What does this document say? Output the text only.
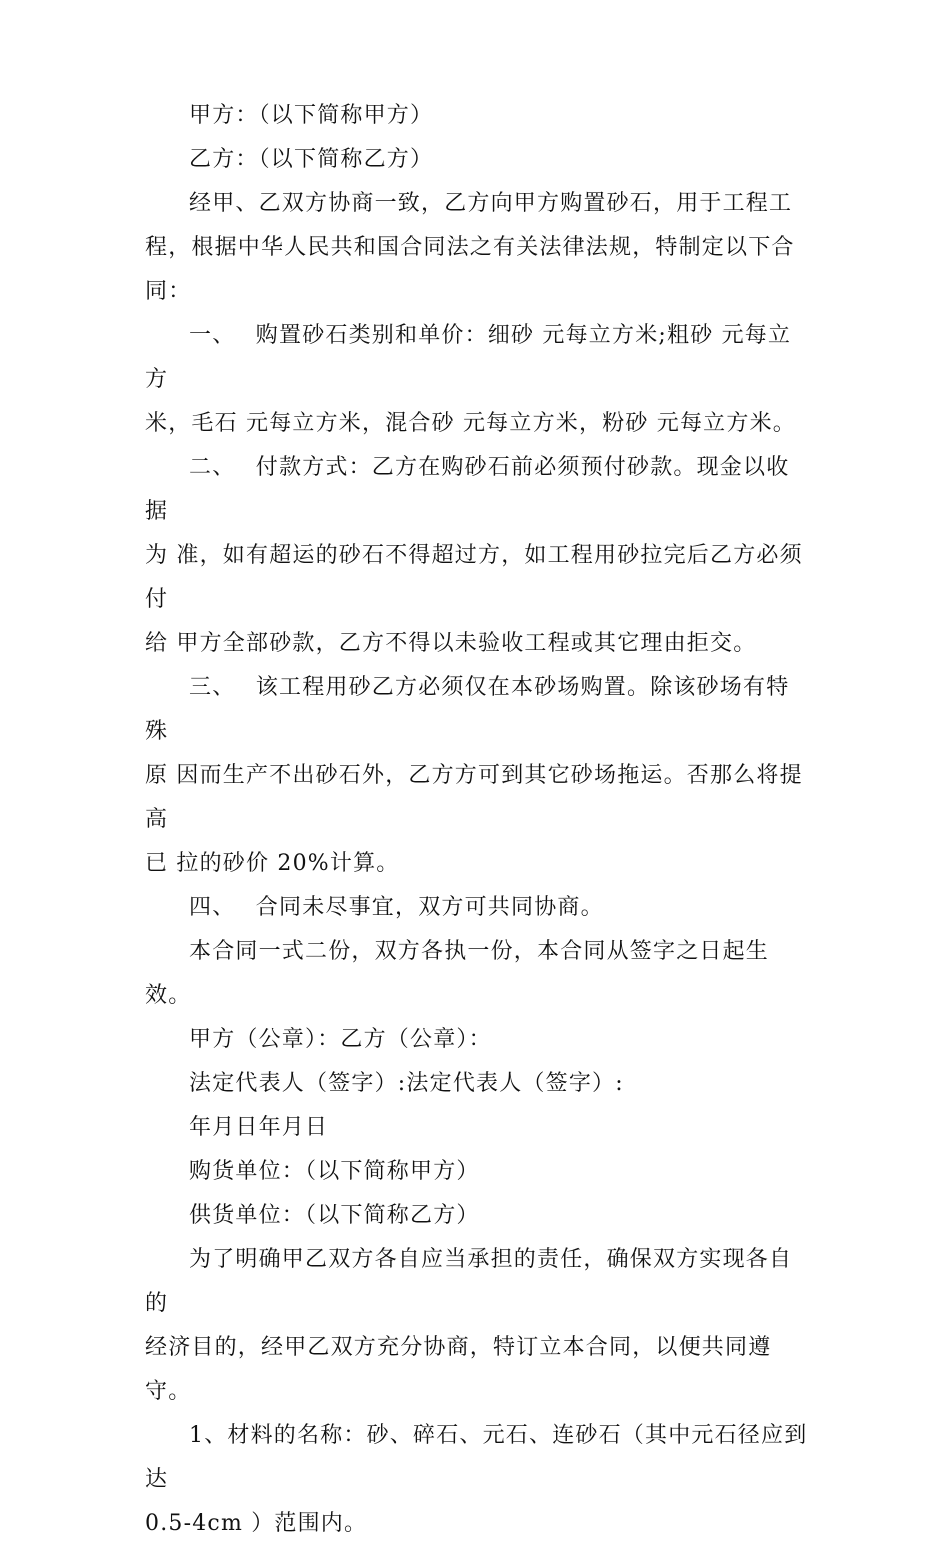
甲方：（以下简称甲方）

乙方：（以下简称乙方）

经甲、乙双方协商一致，乙方向甲方购置砂石，用于工程工
程，根据中华人民共和国合同法之有关法律法规，特制定以下合
同：

一、　 购置砂石类别和单价：细砂 元每立方米;粗砂 元每立方
米，毛石 元每立方米，混合砂 元每立方米，粉砂 元每立方米。

二、　 付款方式：乙方在购砂石前必须预付砂款。现金以收据
为 准，如有超运的砂石不得超过方，如工程用砂拉完后乙方必须付
给 甲方全部砂款，乙方不得以未验收工程或其它理由拒交。

三、　 该工程用砂乙方必须仅在本砂场购置。除该砂场有特殊
原 因而生产不出砂石外，乙方方可到其它砂场拖运。否那么将提高
已 拉的砂价 20%计算。

四、　 合同未尽事宜，双方可共同协商。

本合同一式二份，双方各执一份，本合同从签字之日起生效。

甲方（公章）：乙方（公章）：

法定代表人（签字）:法定代表人（签字）:

年月日年月日

购货单位：（以下简称甲方）

供货单位：（以下简称乙方）

为了明确甲乙双方各自应当承担的责任，确保双方实现各自的
经济目的，经甲乙双方充分协商，特订立本合同，以便共同遵守。

1、材料的名称：砂、碎石、元石、连砂石（其中元石径应到达
0.5-4cm ）范围内。
